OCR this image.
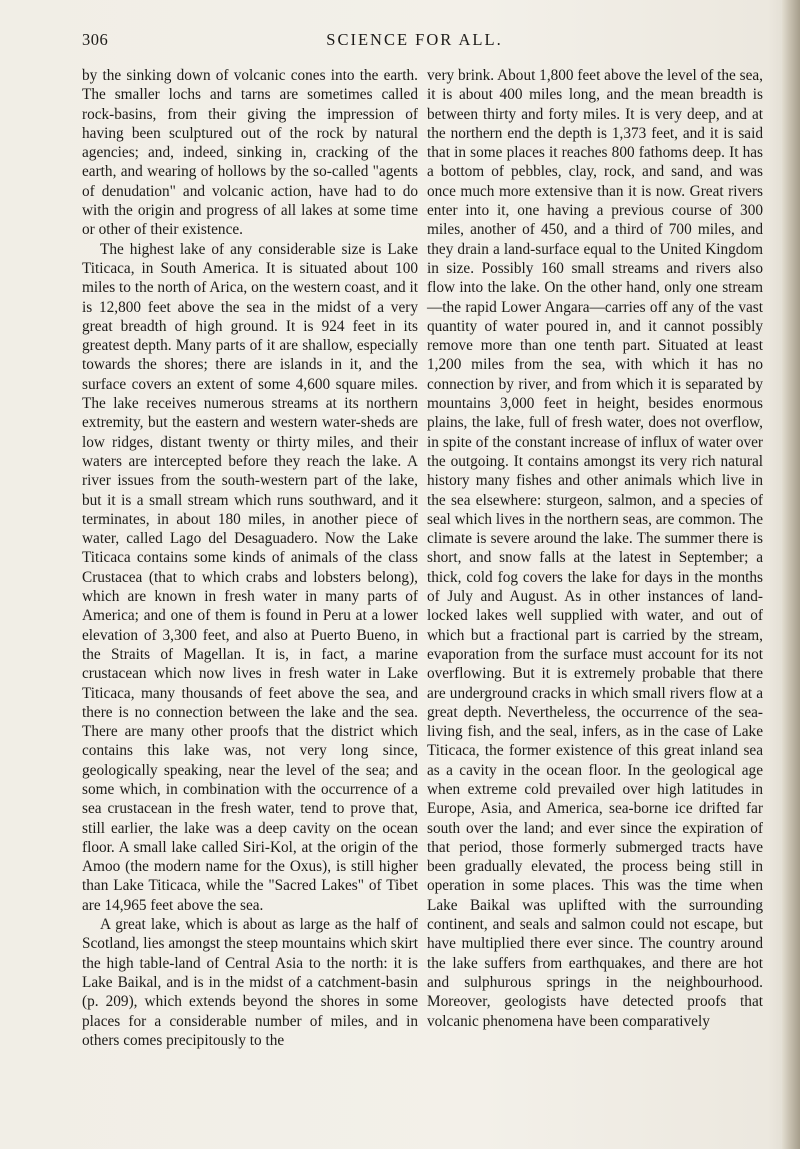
306	SCIENCE FOR ALL.

by the sinking down of volcanic cones into the earth. The smaller lochs and tarns are sometimes called rock-basins, from their giving the impression of having been sculptured out of the rock by natural agencies; and, indeed, sinking in, cracking of the earth, and wearing of hollows by the so-called "agents of denudation" and volcanic action, have had to do with the origin and progress of all lakes at some time or other of their existence.

The highest lake of any considerable size is Lake Titicaca, in South America. It is situated about 100 miles to the north of Arica, on the western coast, and it is 12,800 feet above the sea in the midst of a very great breadth of high ground. It is 924 feet in its greatest depth. Many parts of it are shallow, especially towards the shores; there are islands in it, and the surface covers an extent of some 4,600 square miles. The lake receives numerous streams at its northern extremity, but the eastern and western water-sheds are low ridges, distant twenty or thirty miles, and their waters are intercepted before they reach the lake. A river issues from the south-western part of the lake, but it is a small stream which runs southward, and it terminates, in about 180 miles, in another piece of water, called Lago del Desaguadero. Now the Lake Titicaca contains some kinds of animals of the class Crustacea (that to which crabs and lobsters belong), which are known in fresh water in many parts of America; and one of them is found in Peru at a lower elevation of 3,300 feet, and also at Puerto Bueno, in the Straits of Magellan. It is, in fact, a marine crustacean which now lives in fresh water in Lake Titicaca, many thousands of feet above the sea, and there is no connection between the lake and the sea. There are many other proofs that the district which contains this lake was, not very long since, geologically speaking, near the level of the sea; and some which, in combination with the occurrence of a sea crustacean in the fresh water, tend to prove that, still earlier, the lake was a deep cavity on the ocean floor. A small lake called Siri-Kol, at the origin of the Amoo (the modern name for the Oxus), is still higher than Lake Titicaca, while the "Sacred Lakes" of Tibet are 14,965 feet above the sea.

A great lake, which is about as large as the half of Scotland, lies amongst the steep mountains which skirt the high table-land of Central Asia to the north: it is Lake Baikal, and is in the midst of a catchment-basin (p. 209), which extends beyond the shores in some places for a considerable number of miles, and in others comes precipitously to the

very brink. About 1,800 feet above the level of the sea, it is about 400 miles long, and the mean breadth is between thirty and forty miles. It is very deep, and at the northern end the depth is 1,373 feet, and it is said that in some places it reaches 800 fathoms deep. It has a bottom of pebbles, clay, rock, and sand, and was once much more extensive than it is now. Great rivers enter into it, one having a previous course of 300 miles, another of 450, and a third of 700 miles, and they drain a land-surface equal to the United Kingdom in size. Possibly 160 small streams and rivers also flow into the lake. On the other hand, only one stream—the rapid Lower Angara—carries off any of the vast quantity of water poured in, and it cannot possibly remove more than one tenth part. Situated at least 1,200 miles from the sea, with which it has no connection by river, and from which it is separated by mountains 3,000 feet in height, besides enormous plains, the lake, full of fresh water, does not overflow, in spite of the constant increase of influx of water over the outgoing. It contains amongst its very rich natural history many fishes and other animals which live in the sea elsewhere: sturgeon, salmon, and a species of seal which lives in the northern seas, are common. The climate is severe around the lake. The summer there is short, and snow falls at the latest in September; a thick, cold fog covers the lake for days in the months of July and August. As in other instances of land-locked lakes well supplied with water, and out of which but a fractional part is carried by the stream, evaporation from the surface must account for its not overflowing. But it is extremely probable that there are underground cracks in which small rivers flow at a great depth. Nevertheless, the occurrence of the sea-living fish, and the seal, infers, as in the case of Lake Titicaca, the former existence of this great inland sea as a cavity in the ocean floor. In the geological age when extreme cold prevailed over high latitudes in Europe, Asia, and America, sea-borne ice drifted far south over the land; and ever since the expiration of that period, those formerly submerged tracts have been gradually elevated, the process being still in operation in some places. This was the time when Lake Baikal was uplifted with the surrounding continent, and seals and salmon could not escape, but have multiplied there ever since. The country around the lake suffers from earthquakes, and there are hot and sulphurous springs in the neighbourhood. Moreover, geologists have detected proofs that volcanic phenomena have been comparatively
